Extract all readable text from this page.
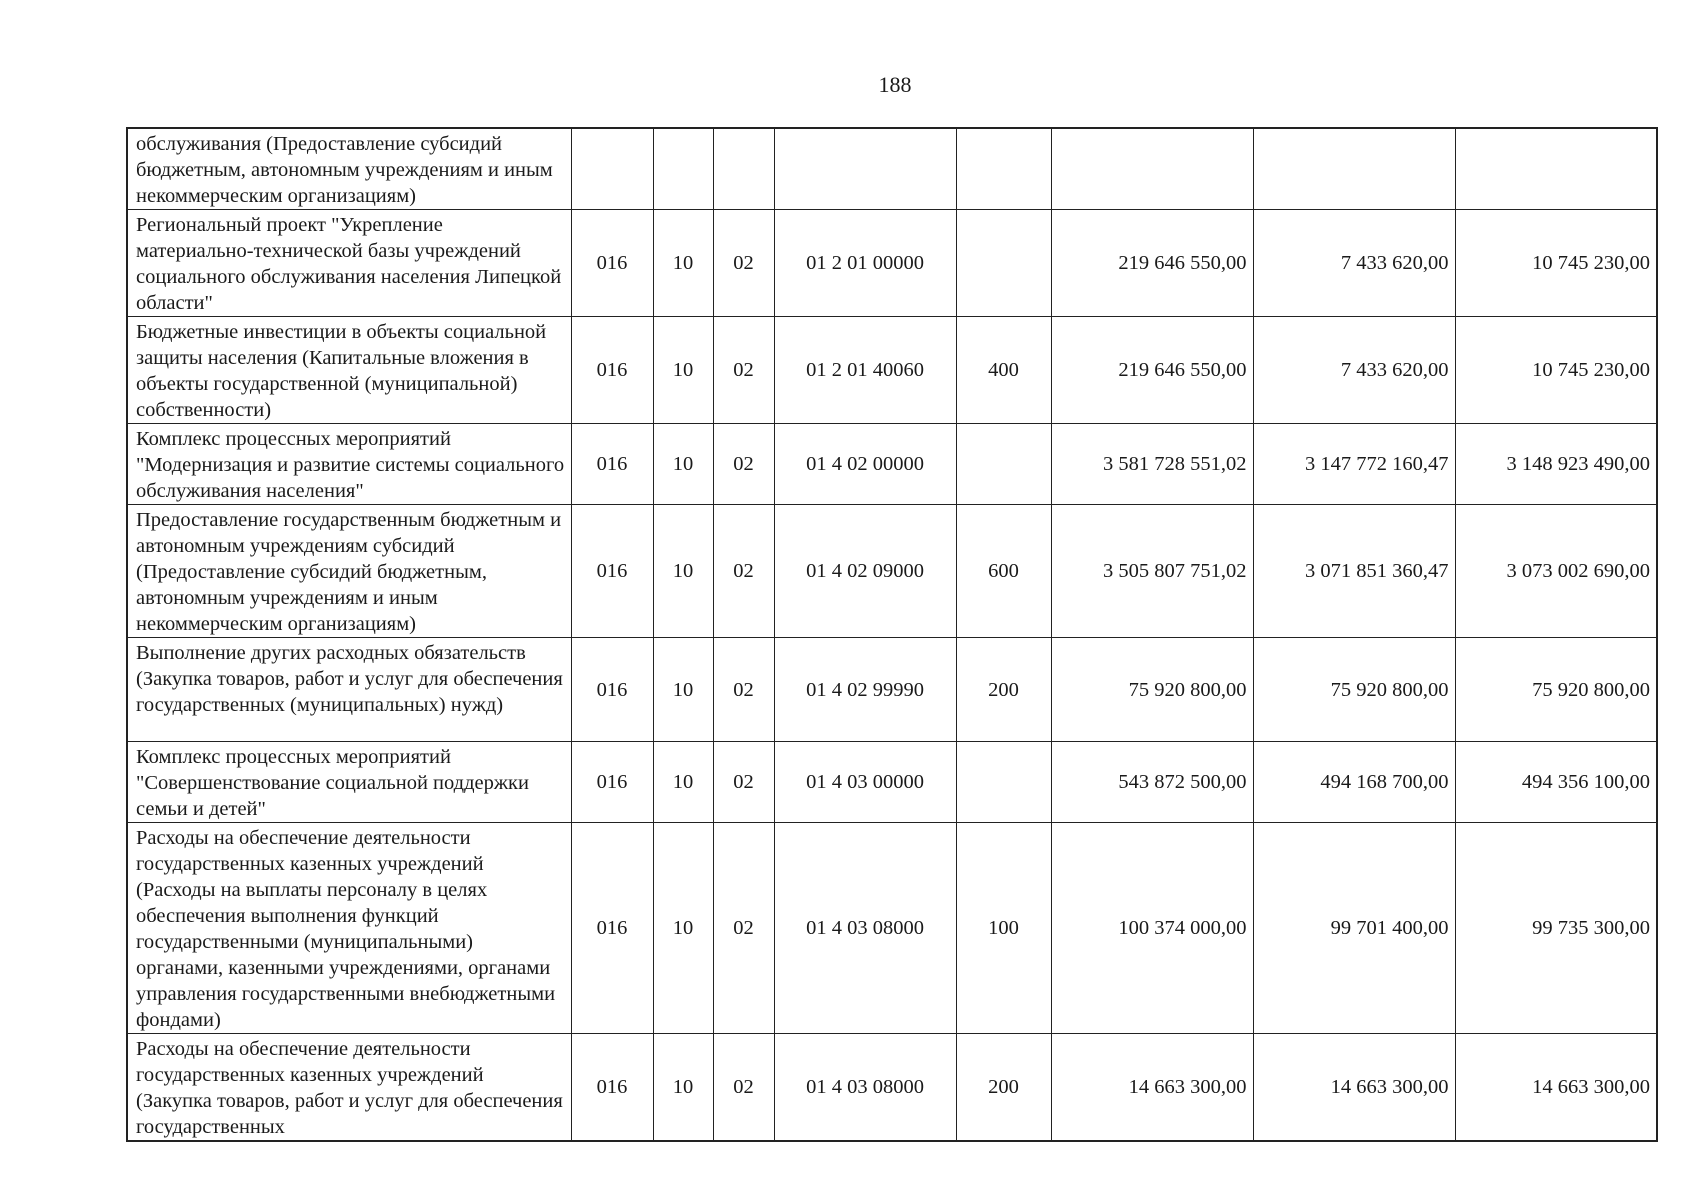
188
обслуживания (Предоставление субсидий бюджетным, автономным учреждениям и иным некоммерческим организациям)								
Региональный проект "Укрепление материально-технической базы учреждений социального обслуживания населения Липецкой области"	016	10	02	01 2 01 00000		219 646 550,00	7 433 620,00	10 745 230,00
Бюджетные инвестиции в объекты социальной защиты населения (Капитальные вложения в объекты государственной (муниципальной) собственности)	016	10	02	01 2 01 40060	400	219 646 550,00	7 433 620,00	10 745 230,00
Комплекс процессных мероприятий "Модернизация и развитие системы социального обслуживания населения"	016	10	02	01 4 02 00000		3 581 728 551,02	3 147 772 160,47	3 148 923 490,00
Предоставление государственным бюджетным и автономным учреждениям субсидий (Предоставление субсидий бюджетным, автономным учреждениям и иным некоммерческим организациям)	016	10	02	01 4 02 09000	600	3 505 807 751,02	3 071 851 360,47	3 073 002 690,00
Выполнение других расходных обязательств (Закупка товаров, работ и услуг для обеспечения государственных (муниципальных) нужд)	016	10	02	01 4 02 99990	200	75 920 800,00	75 920 800,00	75 920 800,00
Комплекс процессных мероприятий "Совершенствование социальной поддержки семьи и детей"	016	10	02	01 4 03 00000		543 872 500,00	494 168 700,00	494 356 100,00
Расходы на обеспечение деятельности государственных казенных учреждений (Расходы на выплаты персоналу в целях обеспечения выполнения функций государственными (муниципальными) органами, казенными учреждениями, органами управления государственными внебюджетными фондами)	016	10	02	01 4 03 08000	100	100 374 000,00	99 701 400,00	99 735 300,00
Расходы на обеспечение деятельности государственных казенных учреждений (Закупка товаров, работ и услуг для обеспечения государственных	016	10	02	01 4 03 08000	200	14 663 300,00	14 663 300,00	14 663 300,00
